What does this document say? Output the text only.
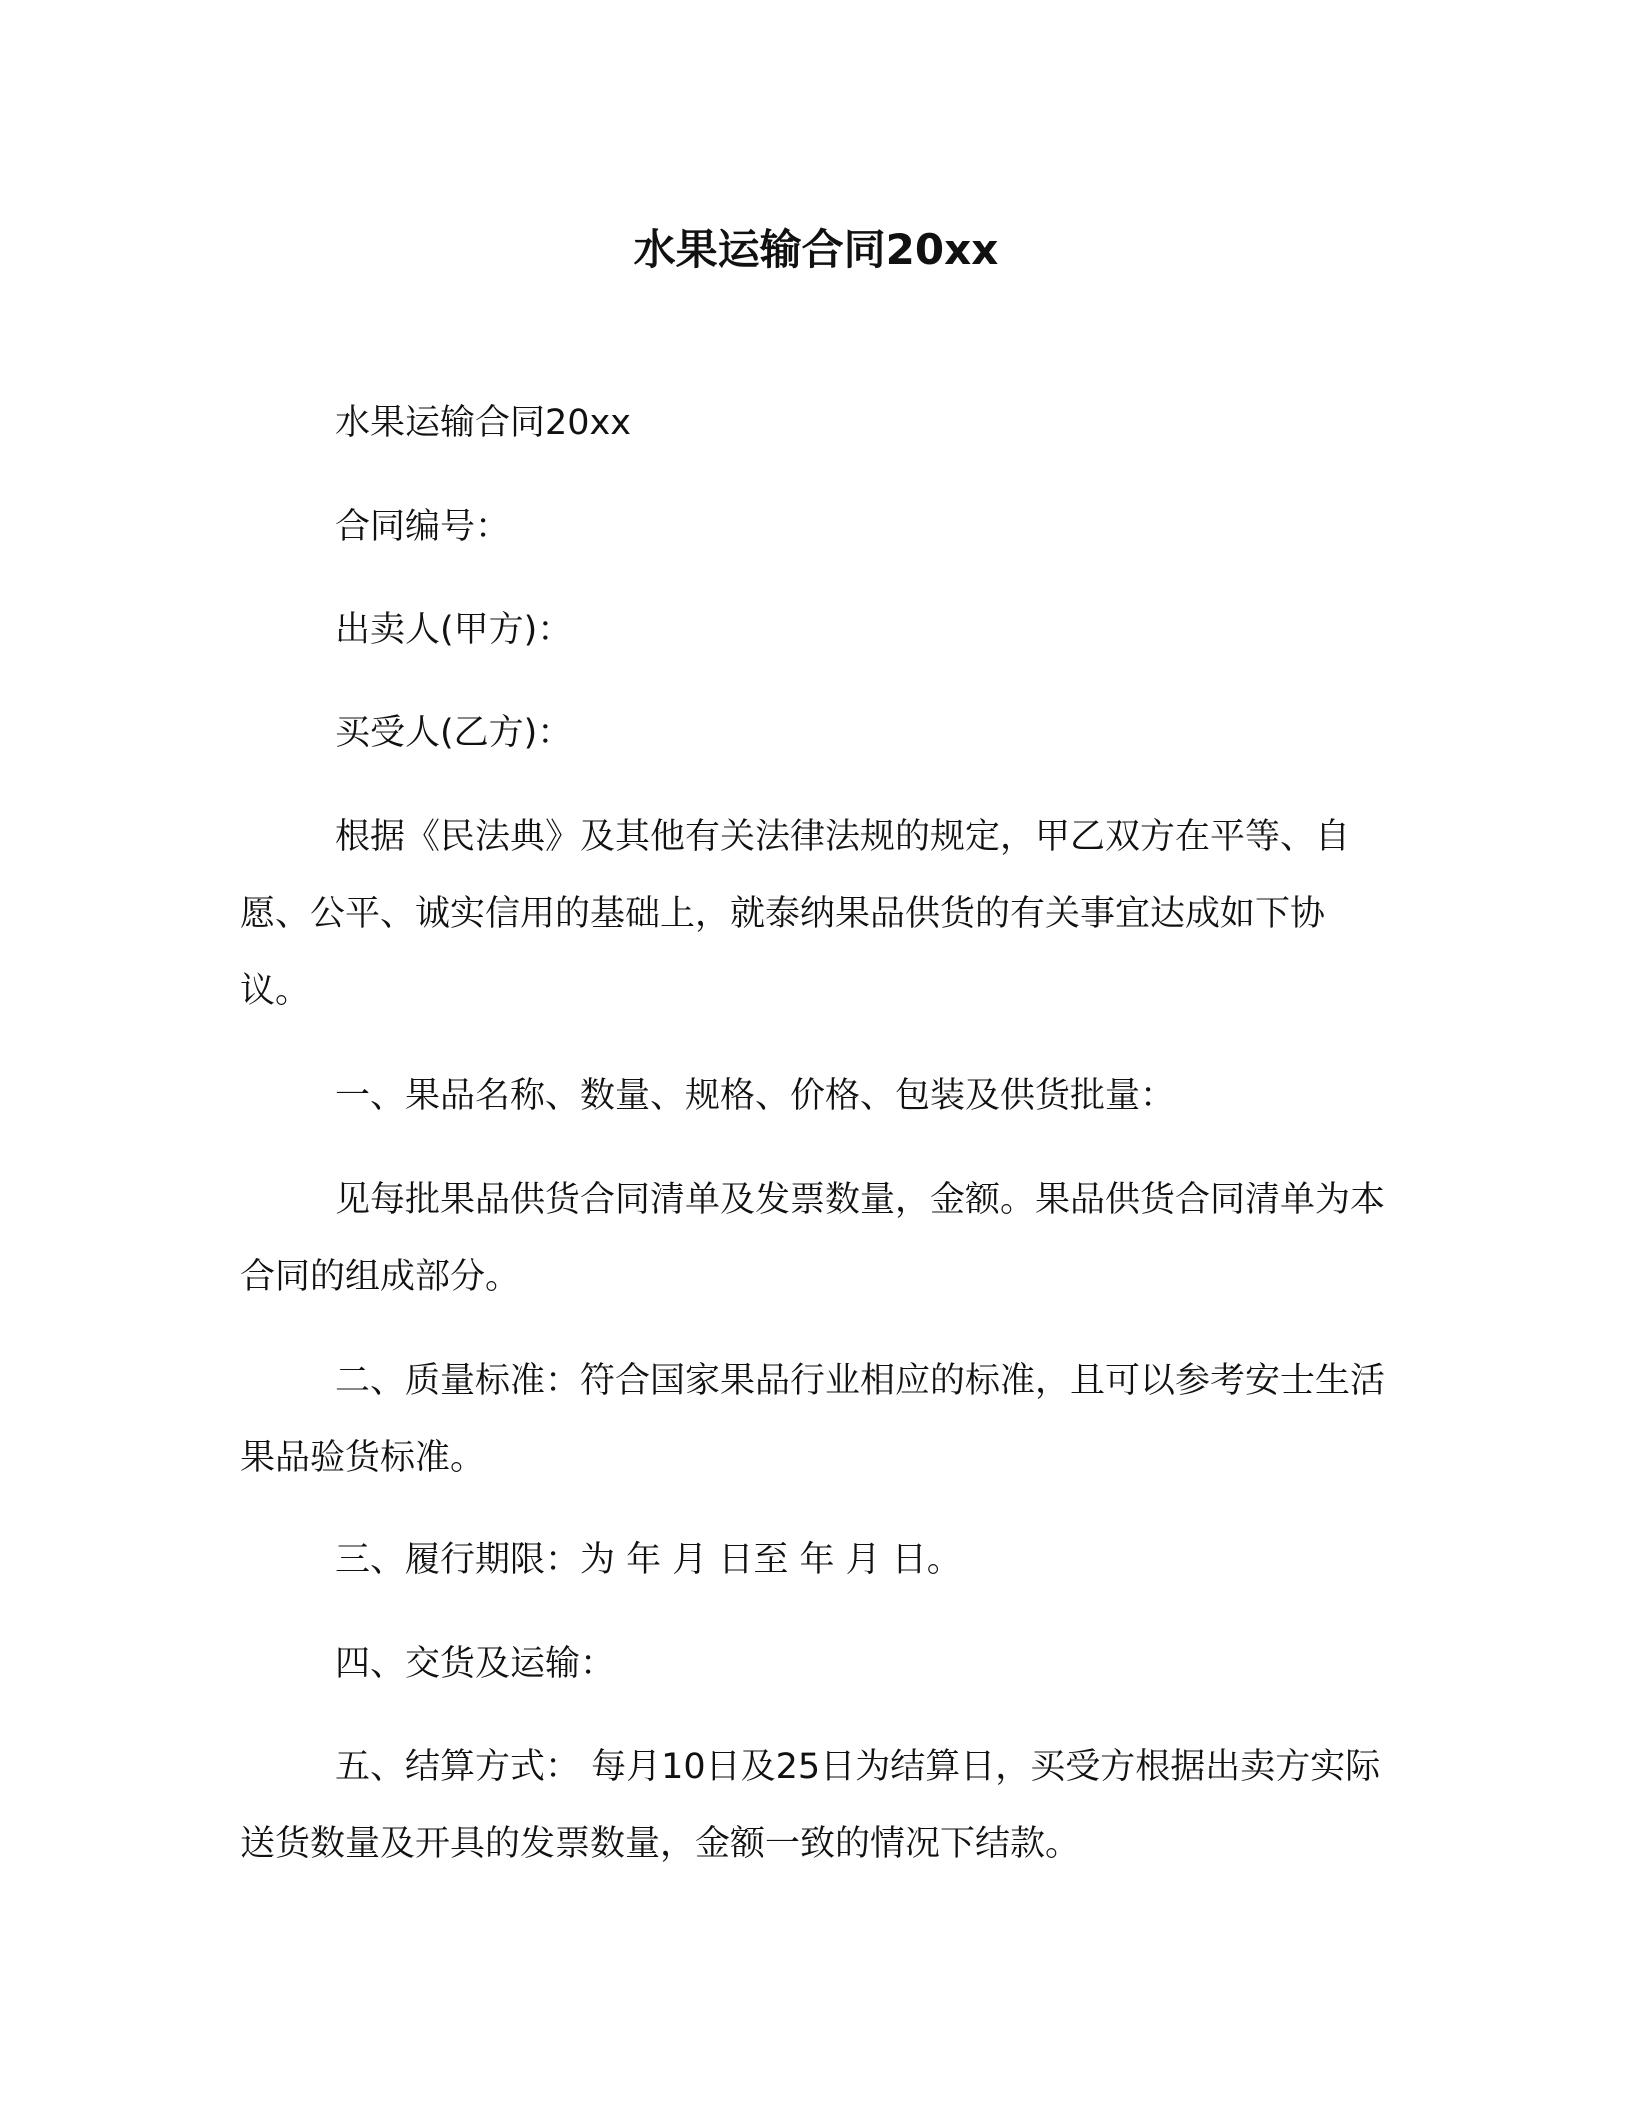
水果运输合同20xx
水果运输合同20xx
合同编号：
出卖人(甲方)：
买受人(乙方)：
根据《民法典》及其他有关法律法规的规定，甲乙双方在平等、自愿、公平、诚实信用的基础上，就泰纳果品供货的有关事宜达成如下协议。
一、果品名称、数量、规格、价格、包装及供货批量：
见每批果品供货合同清单及发票数量，金额。果品供货合同清单为本合同的组成部分。
二、质量标准：符合国家果品行业相应的标准，且可以参考安士生活果品验货标准。
三、履行期限：为 年 月 日至 年 月 日。
四、交货及运输：
五、结算方式： 每月10日及25日为结算日，买受方根据出卖方实际送货数量及开具的发票数量，金额一致的情况下结款。
